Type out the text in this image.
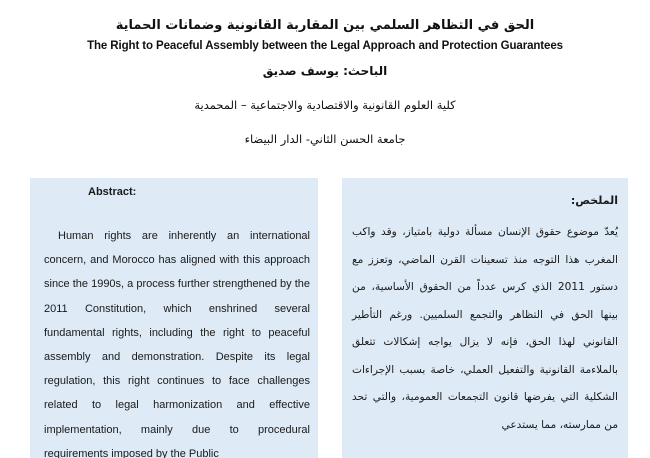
الحق في التظاهر السلمي بين المقاربة القانونية وضمانات الحماية
The Right to Peaceful Assembly between the Legal Approach and Protection Guarantees
الباحث: يوسف صديق
كلية العلوم القانونية والاقتصادية والاجتماعية – المحمدية
جامعة الحسن الثاني- الدار البيضاء
Abstract:
Human rights are inherently an international concern, and Morocco has aligned with this approach since the 1990s, a process further strengthened by the 2011 Constitution, which enshrined several fundamental rights, including the right to peaceful assembly and demonstration. Despite its legal regulation, this right continues to face challenges related to legal harmonization and effective implementation, mainly due to procedural requirements imposed by the Public
الملخص:
يُعدّ موضوع حقوق الإنسان مسألة دولية بامتياز، وقد واكب المغرب هذا التوجه منذ تسعينات القرن الماضي، وتعزز مع دستور 2011 الذي كرس عدداً من الحقوق الأساسية، من بينها الحق في التظاهر والتجمع السلميين. ورغم التأطير القانوني لهذا الحق، فإنه لا يزال يواجه إشكالات تتعلق بالملاءمة القانونية والتفعيل العملي، خاصة بسبب الإجراءات الشكلية التي يفرضها قانون التجمعات العمومية، والتي تحد من ممارسته، مما يستدعي
